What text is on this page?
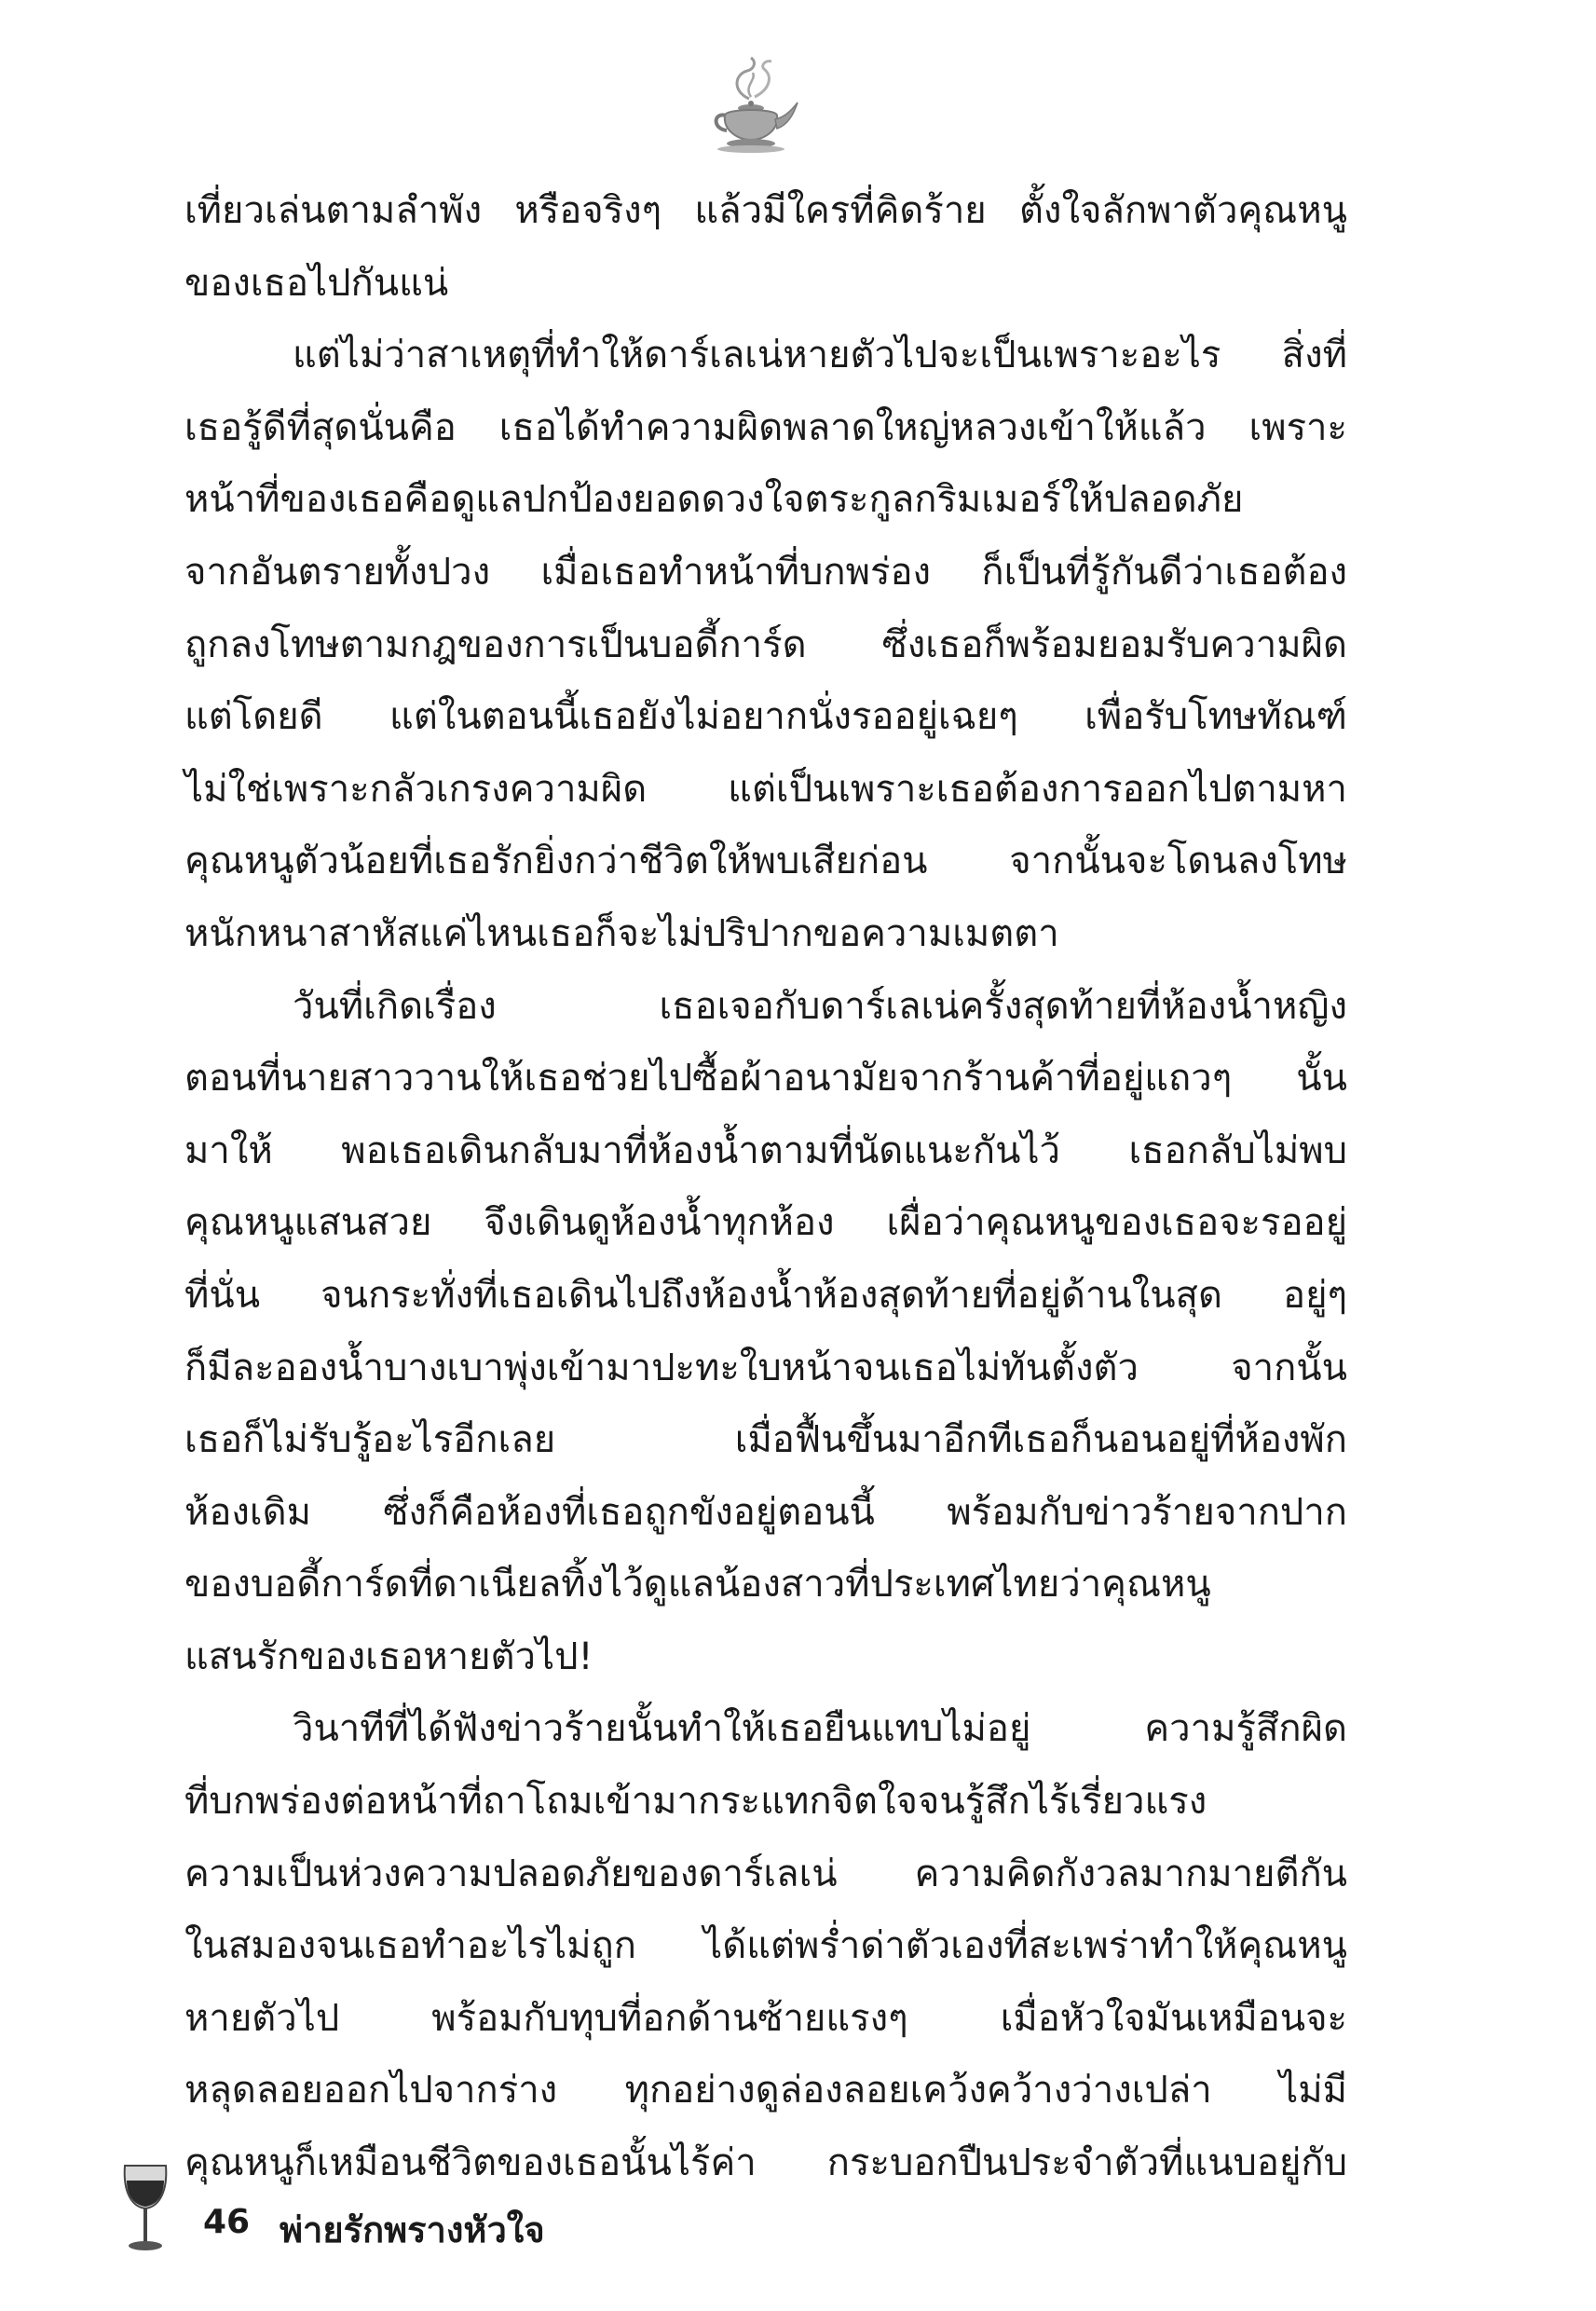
เที่ยวเล่นตามลำพัง หรือจริงๆ แล้วมีใครที่คิดร้าย ตั้งใจลักพาตัวคุณหนู
ของเธอไปกันแน่
แต่ไม่ว่าสาเหตุที่ทำให้ดาร์เลเน่หายตัวไปจะเป็นเพราะอะไร สิ่งที่
เธอรู้ดีที่สุดนั่นคือ เธอได้ทำความผิดพลาดใหญ่หลวงเข้าให้แล้ว เพราะ
หน้าที่ของเธอคือดูแลปกป้องยอดดวงใจตระกูลกริมเมอร์ให้ปลอดภัย
จากอันตรายทั้งปวง เมื่อเธอทำหน้าที่บกพร่อง ก็เป็นที่รู้กันดีว่าเธอต้อง
ถูกลงโทษตามกฎของการเป็นบอดี้การ์ด ซึ่งเธอก็พร้อมยอมรับความผิด
แต่โดยดี แต่ในตอนนี้เธอยังไม่อยากนั่งรออยู่เฉยๆ เพื่อรับโทษทัณฑ์
ไม่ใช่เพราะกลัวเกรงความผิด แต่เป็นเพราะเธอต้องการออกไปตามหา
คุณหนูตัวน้อยที่เธอรักยิ่งกว่าชีวิตให้พบเสียก่อน จากนั้นจะโดนลงโทษ
หนักหนาสาหัสแค่ไหนเธอก็จะไม่ปริปากขอความเมตตา
วันที่เกิดเรื่อง เธอเจอกับดาร์เลเน่ครั้งสุดท้ายที่ห้องน้ำหญิง
ตอนที่นายสาววานให้เธอช่วยไปซื้อผ้าอนามัยจากร้านค้าที่อยู่แถวๆ นั้น
มาให้ พอเธอเดินกลับมาที่ห้องน้ำตามที่นัดแนะกันไว้ เธอกลับไม่พบ
คุณหนูแสนสวย จึงเดินดูห้องน้ำทุกห้อง เผื่อว่าคุณหนูของเธอจะรออยู่
ที่นั่น จนกระทั่งที่เธอเดินไปถึงห้องน้ำห้องสุดท้ายที่อยู่ด้านในสุด อยู่ๆ
ก็มีละอองน้ำบางเบาพุ่งเข้ามาปะทะใบหน้าจนเธอไม่ทันตั้งตัว จากนั้น
เธอก็ไม่รับรู้อะไรอีกเลย เมื่อฟื้นขึ้นมาอีกทีเธอก็นอนอยู่ที่ห้องพัก
ห้องเดิม ซึ่งก็คือห้องที่เธอถูกขังอยู่ตอนนี้ พร้อมกับข่าวร้ายจากปาก
ของบอดี้การ์ดที่ดาเนียลทิ้งไว้ดูแลน้องสาวที่ประเทศไทยว่าคุณหนู
แสนรักของเธอหายตัวไป!
วินาทีที่ได้ฟังข่าวร้ายนั้นทำให้เธอยืนแทบไม่อยู่ ความรู้สึกผิด
ที่บกพร่องต่อหน้าที่ถาโถมเข้ามากระแทกจิตใจจนรู้สึกไร้เรี่ยวแรง
ความเป็นห่วงความปลอดภัยของดาร์เลเน่ ความคิดกังวลมากมายตีกัน
ในสมองจนเธอทำอะไรไม่ถูก ได้แต่พร่ำด่าตัวเองที่สะเพร่าทำให้คุณหนู
หายตัวไป พร้อมกับทุบที่อกด้านซ้ายแรงๆ เมื่อหัวใจมันเหมือนจะ
หลุดลอยออกไปจากร่าง ทุกอย่างดูล่องลอยเคว้งคว้างว่างเปล่า ไม่มี
คุณหนูก็เหมือนชีวิตของเธอนั้นไร้ค่า กระบอกปืนประจำตัวที่แนบอยู่กับ
46 พ่ายรักพรางหัวใจ
